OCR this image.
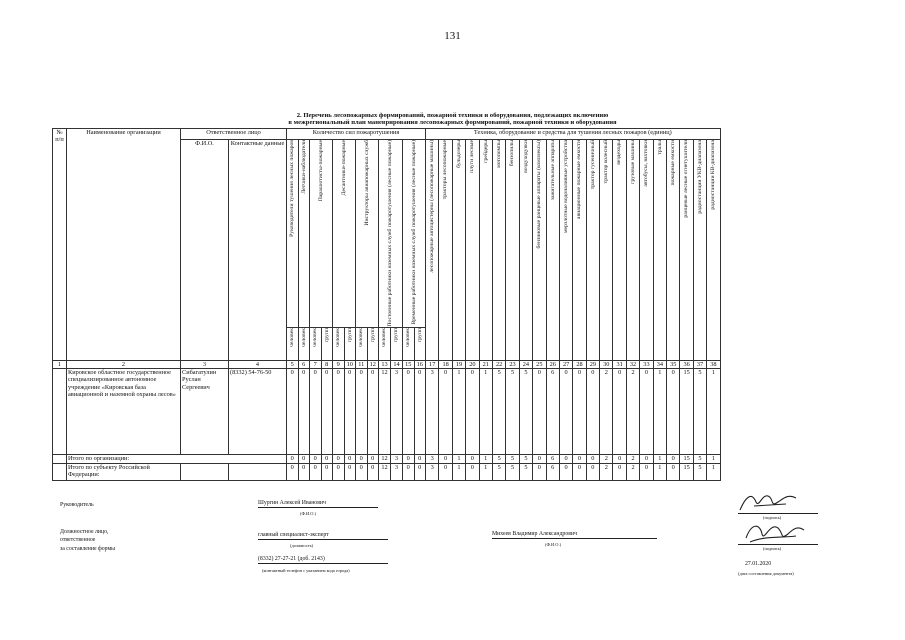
131
2. Перечень лесопожарных формирований, пожарной техники и оборудования, подлежащих включению
в межрегиональный план маневрирования лесопожарных формирований, пожарной техники и оборудования
№ п/п	Наименование организации	Ответственное лицо		Количество сил пожаротушения												Техника, оборудование и средства для тушения лесных пожаров (единиц)																					
		Ф.И.О.	Контактные данные	Руководители тушения лесных пожаров	Летчики-наблюдатели	Парашютисты-пожарные		Десантники-пожарные		Инструкторы авиапожарных служб		Постоянные работники наземных служб пожаротушения (лесные пожарные)		Временные работники наземных служб пожаротушения (лесные пожарные)		лесопожарные автоцистерны (лесопожарные машины)	тракторы лесопожарные	бульдозеры	плуги лесные	грейдеры	мотопомпы	бензопилы	воздуходувки	бензиновые ранцевые аппараты (комплексы)	зажигательные аппараты	мерзлотные водоналивные устройства	авиационные пожарные емкости	трактор гусеничный	трактор колесный	вездеходы	грузовые машины	автобусы, вахтовки	тралы	пожарные емкости	ранцевые лесные огнетушители	радиостанции УКВ-диапазона	радиостанции КВ-диапазона

				человек	человек	человек	групп	человек	групп	человек	групп	человек	групп	человек	групп																						

1	2	3	4	5	6	7	8	9	10	11	12	13	14	15	16	17	18	19	20	21	22	23	24	25	26	27	28	29	30	31	32	33	34	35	36	37	38
	Кировское областное государственное специализированное автономное учреждение «Кировская база авиационной и наземной охраны лесов»	Сибагатулин Руслан Сергеевич	(8332) 54-76-50	0	0	0	0	0	0	0	0	12	3	0	0	3	0	1	0	1	5	5	5	0	6	0	0	0	2	0	2	0	1	0	15	5	1
	Итого по организации:			0	0	0	0	0	0	0	0	12	3	0	0	3	0	1	0	1	5	5	5	0	6	0	0	0	2	0	2	0	1	0	15	5	1
	Итого по субъекту Российской Федерации:			0	0	0	0	0	0	0	0	12	3	0	0	3	0	1	0	1	5	5	5	0	6	0	0	0	2	0	2	0	1	0	15	5	1
Руководитель	Шургин Алексей Иванович
(Ф.И.О.)
Должностное лицо,
ответственное
за составление формы
главный специалист-эксперт
(должность)
Михеев Владимир Александрович
(Ф.И.О.)
(8332) 27-27-21 (доб. 2143)
(контактный телефон с указанием кода города)
(подпись)
(подпись)
27.01.2020
(дата составления документа)
